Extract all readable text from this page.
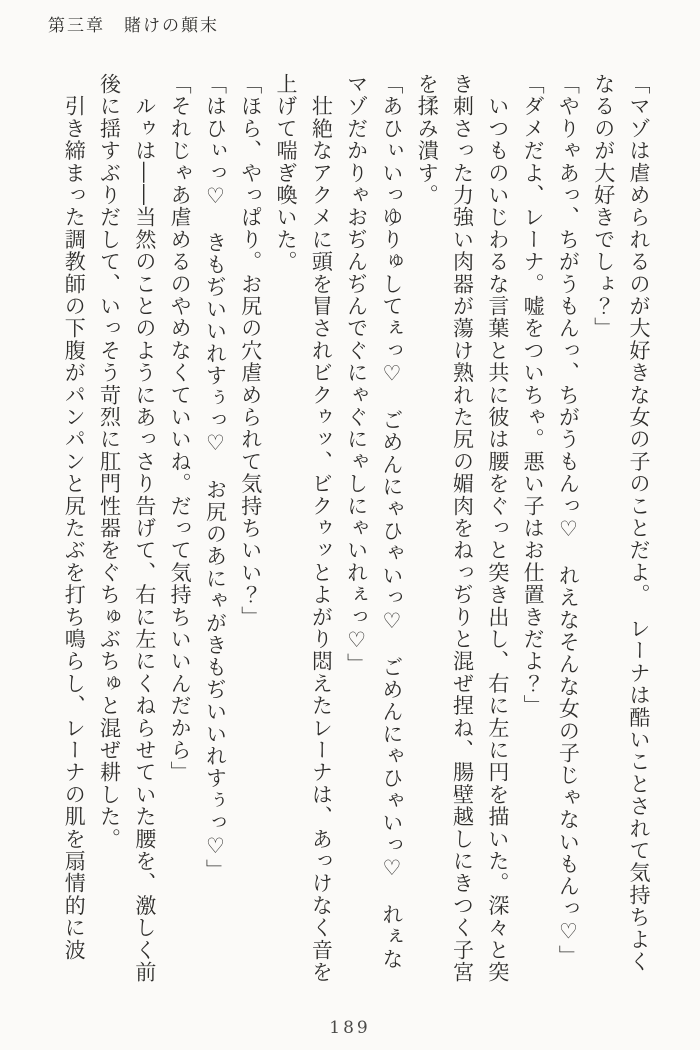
第三章　賭けの顛末

「マゾは虐められるのが大好きな女の子のことだよ。　レーナは酷いことされて気持ちよくなるのが大好きでしょ？」

「やりゃあっ、ちがうもんっ、ちがうもんっ♡　れえなそんな女の子じゃないもんっ♡」

「ダメだよ、レーナ。嘘をついちゃ。悪い子はお仕置きだよ？」

　いつものいじわるな言葉と共に彼は腰をぐっと突き出し、右に左に円を描いた。深々と突き刺さった力強い肉器が蕩け熟れた尻の媚肉をねっぢりと混ぜ捏ね、腸壁越しにきつく子宮を揉み潰す。

「あひぃいっゆりゅしてぇっ♡　ごめんにゃひゃいっ♡　ごめんにゃひゃいっ♡　れぇなマゾだかりゃおぢんぢんでぐにゃぐにゃしにゃいれぇっ♡」

　壮絶なアクメに頭を冒されビクゥッ、ビクゥッとよがり悶えたレーナは、あっけなく音を上げて喘ぎ喚いた。

「ほら、やっぱり。お尻の穴虐められて気持ちいい？」

「はひぃっ♡　きもぢいいれすぅっ♡　お尻のあにゃがきもぢいいれすぅっ♡」

「それじゃあ虐めるのやめなくていいね。だって気持ちいいんだから」

　ルゥは――当然のことのようにあっさり告げて、右に左にくねらせていた腰を、激しく前後に揺すぶりだして、いっそう苛烈に肛門性器をぐちゅぶちゅと混ぜ耕した。

　引き締まった調教師の下腹がパンパンと尻たぶを打ち鳴らし、レーナの肌を扇情的に波

189
